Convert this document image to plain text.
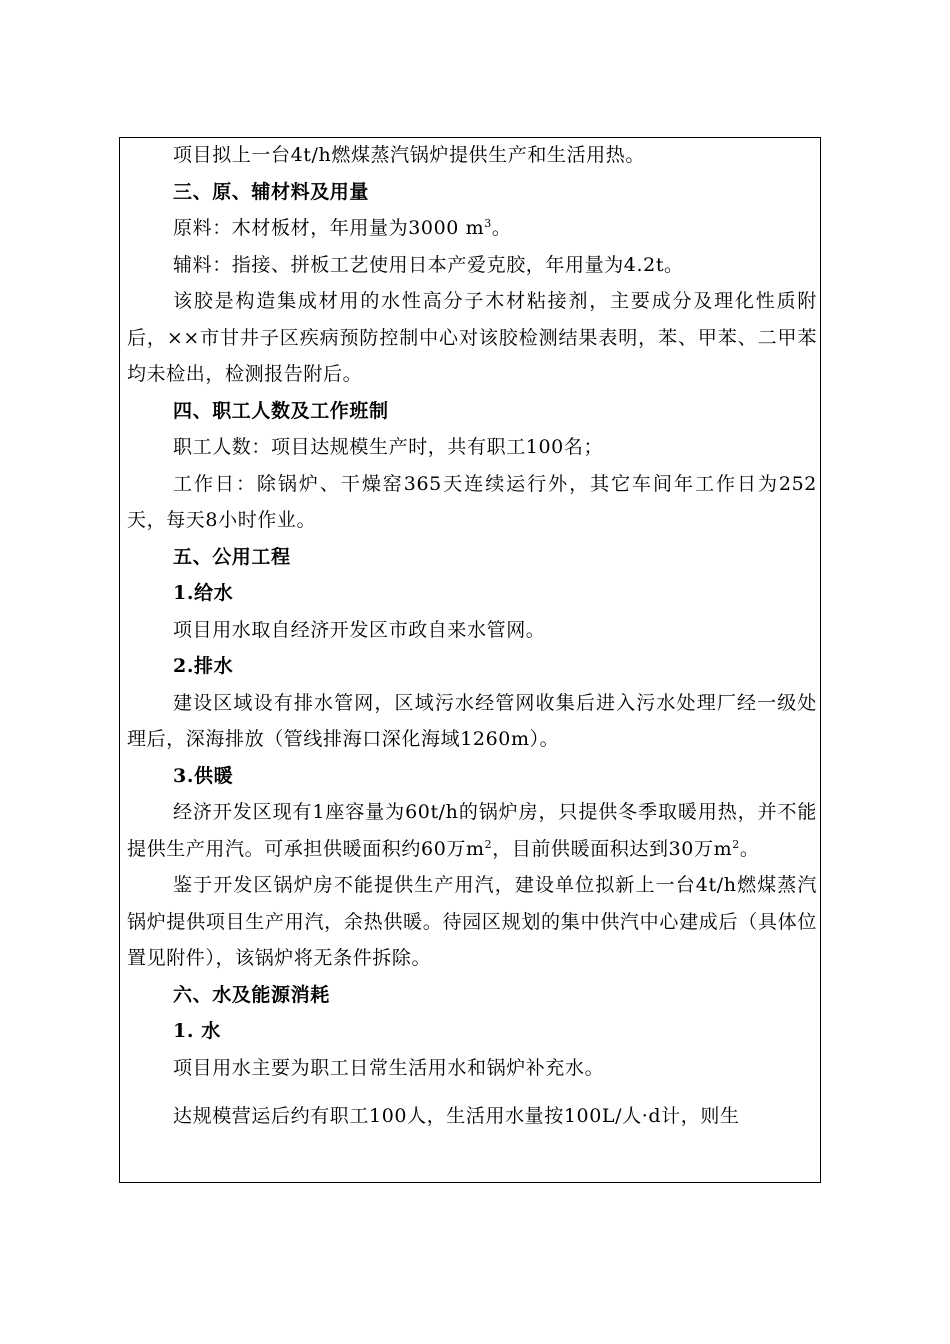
项目拟上一台4t/h燃煤蒸汽锅炉提供生产和生活用热。

三、原、辅材料及用量

原料：木材板材，年用量为3000 $m^3$。

辅料：指接、拼板工艺使用日本产爱克胶，年用量为4.2t。

该胶是构造集成材用的水性高分子木材粘接剂，主要成分及理化性质附后，××市甘井子区疾病预防控制中心对该胶检测结果表明，苯、甲苯、二甲苯均未检出，检测报告附后。

四、职工人数及工作班制

职工人数：项目达规模生产时，共有职工100名；

工作日：除锅炉、干燥窑365天连续运行外，其它车间年工作日为252天，每天8小时作业。

五、公用工程

1.给水

项目用水取自经济开发区市政自来水管网。

2.排水

建设区域设有排水管网，区域污水经管网收集后进入污水处理厂经一级处理后，深海排放（管线排海口深化海域1260m）。

3.供暖

经济开发区现有1座容量为60t/h的锅炉房，只提供冬季取暖用热，并不能提供生产用汽。可承担供暖面积约60万$m^2$，目前供暖面积达到30万$m^2$。

鉴于开发区锅炉房不能提供生产用汽，建设单位拟新上一台4t/h燃煤蒸汽锅炉提供项目生产用汽，余热供暖。待园区规划的集中供汽中心建成后（具体位置见附件），该锅炉将无条件拆除。

六、水及能源消耗

1. 水

项目用水主要为职工日常生活用水和锅炉补充水。

达规模营运后约有职工100人，生活用水量按100L/人·d计，则生
